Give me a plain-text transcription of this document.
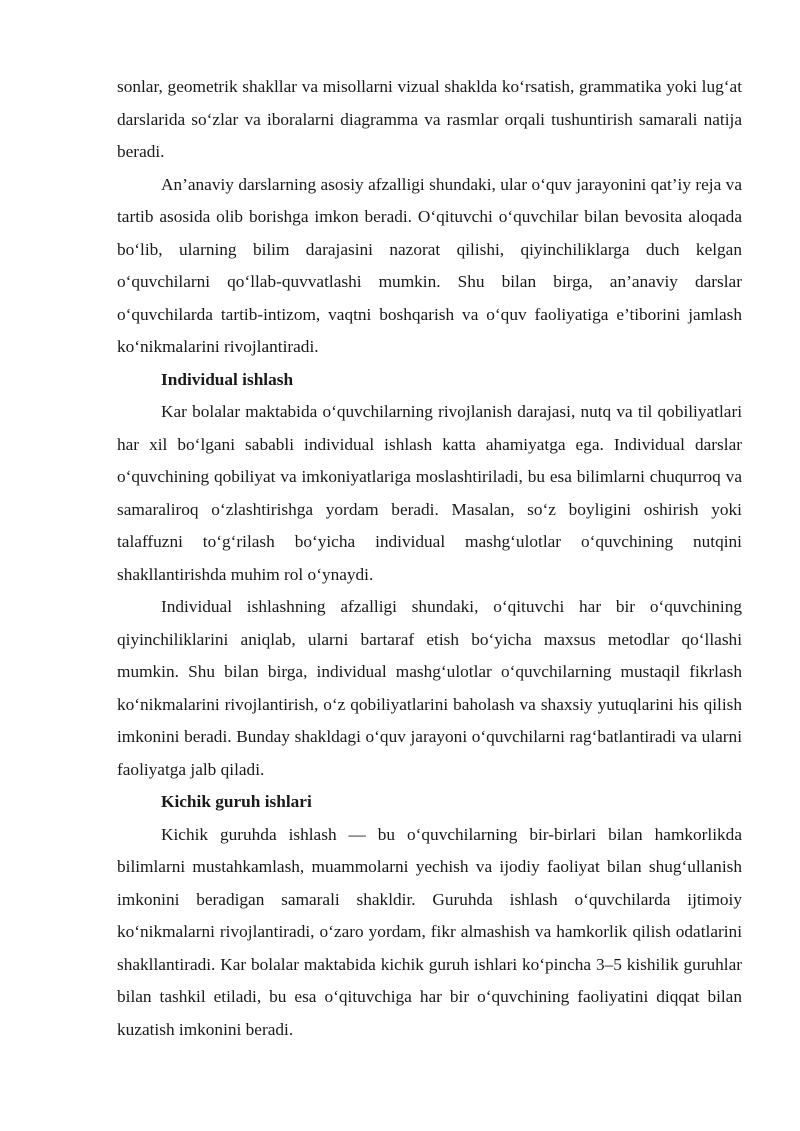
sonlar, geometrik shakllar va misollarni vizual shaklda ko‘rsatish, grammatika yoki lug‘at darslarida so‘zlar va iboralarni diagramma va rasmlar orqali tushuntirish samarali natija beradi.

An’anaviy darslarning asosiy afzalligi shundaki, ular o‘quv jarayonini qat’iy reja va tartib asosida olib borishga imkon beradi. O‘qituvchi o‘quvchilar bilan bevosita aloqada bo‘lib, ularning bilim darajasini nazorat qilishi, qiyinchiliklarga duch kelgan o‘quvchilarni qo‘llab-quvvatlashi mumkin. Shu bilan birga, an’anaviy darslar o‘quvchilarda tartib-intizom, vaqtni boshqarish va o‘quv faoliyatiga e’tiborini jamlash ko‘nikmalarini rivojlantiradi.

Individual ishlash

Kar bolalar maktabida o‘quvchilarning rivojlanish darajasi, nutq va til qobiliyatlari har xil bo‘lgani sababli individual ishlash katta ahamiyatga ega. Individual darslar o‘quvchining qobiliyat va imkoniyatlariga moslashtiriladi, bu esa bilimlarni chuqurroq va samaraliroq o‘zlashtirishga yordam beradi. Masalan, so‘z boyligini oshirish yoki talaffuzni to‘g‘rilash bo‘yicha individual mashg‘ulotlar o‘quvchining nutqini shakllantirishda muhim rol o‘ynaydi.

Individual ishlashning afzalligi shundaki, o‘qituvchi har bir o‘quvchining qiyinchiliklarini aniqlab, ularni bartaraf etish bo‘yicha maxsus metodlar qo‘llashi mumkin. Shu bilan birga, individual mashg‘ulotlar o‘quvchilarning mustaqil fikrlash ko‘nikmalarini rivojlantirish, o‘z qobiliyatlarini baholash va shaxsiy yutuqlarini his qilish imkonini beradi. Bunday shakldagi o‘quv jarayoni o‘quvchilarni rag‘batlantiradi va ularni faoliyatga jalb qiladi.

Kichik guruh ishlari

Kichik guruhda ishlash — bu o‘quvchilarning bir-birlari bilan hamkorlikda bilimlarni mustahkamlash, muammolarni yechish va ijodiy faoliyat bilan shug‘ullanish imkonini beradigan samarali shakldir. Guruhda ishlash o‘quvchilarda ijtimoiy ko‘nikmalarni rivojlantiradi, o‘zaro yordam, fikr almashish va hamkorlik qilish odatlarini shakllantiradi. Kar bolalar maktabida kichik guruh ishlari ko‘pincha 3–5 kishilik guruhlar bilan tashkil etiladi, bu esa o‘qituvchiga har bir o‘quvchining faoliyatini diqqat bilan kuzatish imkonini beradi.
